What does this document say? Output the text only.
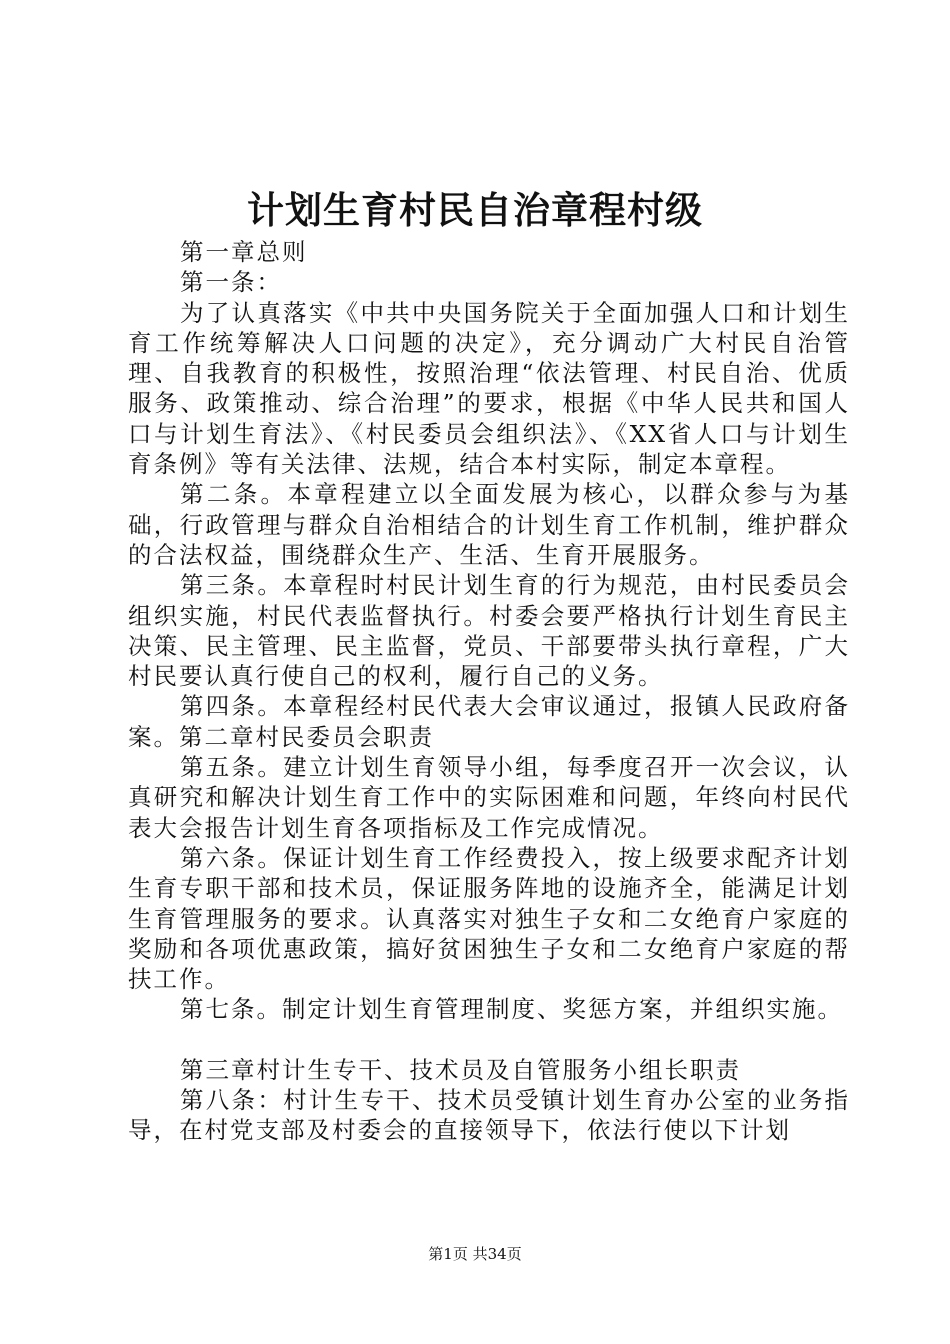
计划生育村民自治章程村级

第一章总则

第一条：

为了认真落实《中共中央国务院关于全面加强人口和计划生育工作统筹解决人口问题的决定》，充分调动广大村民自治管理、自我教育的积极性，按照治理“依法管理、村民自治、优质服务、政策推动、综合治理”的要求，根据《中华人民共和国人口与计划生育法》、《村民委员会组织法》、《XX省人口与计划生育条例》等有关法律、法规，结合本村实际，制定本章程。

第二条。本章程建立以全面发展为核心，以群众参与为基础，行政管理与群众自治相结合的计划生育工作机制，维护群众的合法权益，围绕群众生产、生活、生育开展服务。

第三条。本章程时村民计划生育的行为规范，由村民委员会组织实施，村民代表监督执行。村委会要严格执行计划生育民主决策、民主管理、民主监督，党员、干部要带头执行章程，广大村民要认真行使自己的权利，履行自己的义务。

第四条。本章程经村民代表大会审议通过，报镇人民政府备案。第二章村民委员会职责

第五条。建立计划生育领导小组，每季度召开一次会议，认真研究和解决计划生育工作中的实际困难和问题，年终向村民代表大会报告计划生育各项指标及工作完成情况。

第六条。保证计划生育工作经费投入，按上级要求配齐计划生育专职干部和技术员，保证服务阵地的设施齐全，能满足计划生育管理服务的要求。认真落实对独生子女和二女绝育户家庭的奖励和各项优惠政策，搞好贫困独生子女和二女绝育户家庭的帮扶工作。

第七条。制定计划生育管理制度、奖惩方案，并组织实施。

第三章村计生专干、技术员及自管服务小组长职责

第八条：村计生专干、技术员受镇计划生育办公室的业务指导，在村党支部及村委会的直接领导下，依法行使以下计划

第1页 共34页
